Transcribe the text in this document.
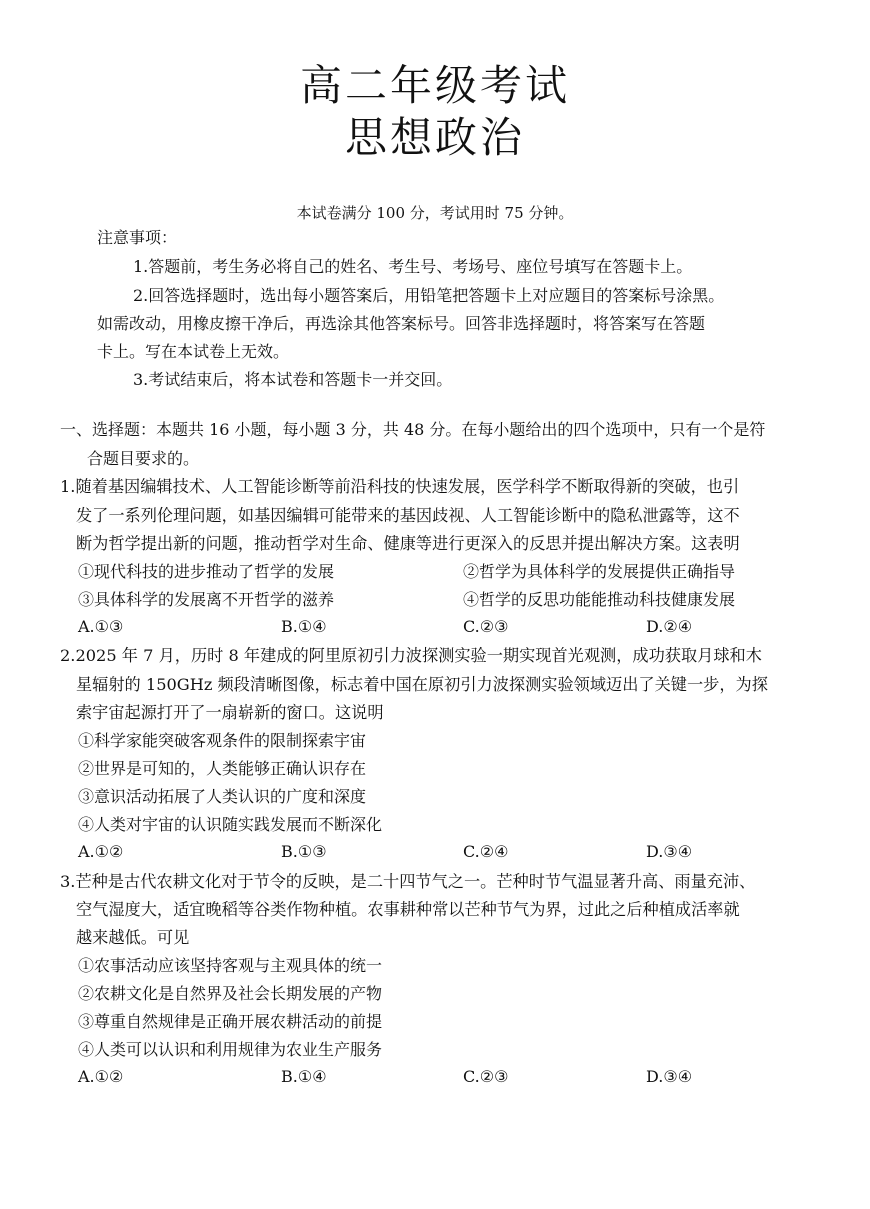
高二年级考试
思想政治
本试卷满分 100 分，考试用时 75 分钟。
注意事项：
1.答题前，考生务必将自己的姓名、考生号、考场号、座位号填写在答题卡上。
2.回答选择题时，选出每小题答案后，用铅笔把答题卡上对应题目的答案标号涂黑。
如需改动，用橡皮擦干净后，再选涂其他答案标号。回答非选择题时，将答案写在答题
卡上。写在本试卷上无效。
3.考试结束后，将本试卷和答题卡一并交回。
一、选择题：本题共 16 小题，每小题 3 分，共 48 分。在每小题给出的四个选项中，只有一个是符
合题目要求的。
1.随着基因编辑技术、人工智能诊断等前沿科技的快速发展，医学科学不断取得新的突破，也引
发了一系列伦理问题，如基因编辑可能带来的基因歧视、人工智能诊断中的隐私泄露等，这不
断为哲学提出新的问题，推动哲学对生命、健康等进行更深入的反思并提出解决方案。这表明
①现代科技的进步推动了哲学的发展	②哲学为具体科学的发展提供正确指导
③具体科学的发展离不开哲学的滋养	④哲学的反思功能能推动科技健康发展
A.①③	B.①④	C.②③	D.②④
2.2025 年 7 月，历时 8 年建成的阿里原初引力波探测实验一期实现首光观测，成功获取月球和木
星辐射的 150GHz 频段清晰图像，标志着中国在原初引力波探测实验领域迈出了关键一步，为探
索宇宙起源打开了一扇崭新的窗口。这说明
①科学家能突破客观条件的限制探索宇宙
②世界是可知的，人类能够正确认识存在
③意识活动拓展了人类认识的广度和深度
④人类对宇宙的认识随实践发展而不断深化
A.①②	B.①③	C.②④	D.③④
3.芒种是古代农耕文化对于节令的反映，是二十四节气之一。芒种时节气温显著升高、雨量充沛、
空气湿度大，适宜晚稻等谷类作物种植。农事耕种常以芒种节气为界，过此之后种植成活率就
越来越低。可见
①农事活动应该坚持客观与主观具体的统一
②农耕文化是自然界及社会长期发展的产物
③尊重自然规律是正确开展农耕活动的前提
④人类可以认识和利用规律为农业生产服务
A.①②	B.①④	C.②③	D.③④
